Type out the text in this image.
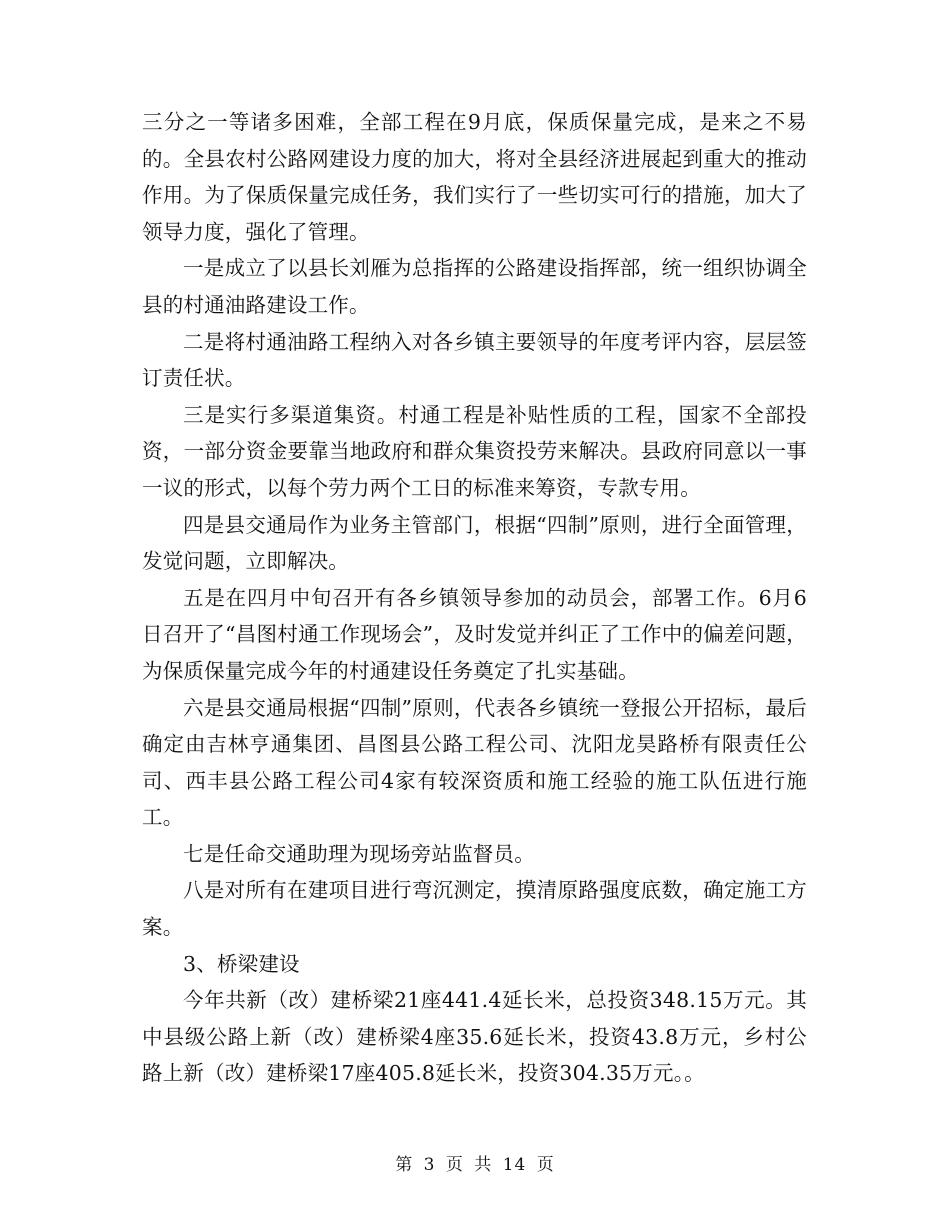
三分之一等诸多困难，全部工程在9月底，保质保量完成，是来之不易的。全县农村公路网建设力度的加大，将对全县经济进展起到重大的推动作用。为了保质保量完成任务，我们实行了一些切实可行的措施，加大了领导力度，强化了管理。

一是成立了以县长刘雁为总指挥的公路建设指挥部，统一组织协调全县的村通油路建设工作。

二是将村通油路工程纳入对各乡镇主要领导的年度考评内容，层层签订责任状。

三是实行多渠道集资。村通工程是补贴性质的工程，国家不全部投资，一部分资金要靠当地政府和群众集资投劳来解决。县政府同意以一事一议的形式，以每个劳力两个工日的标准来筹资，专款专用。

四是县交通局作为业务主管部门，根据“四制”原则，进行全面管理，发觉问题，立即解决。

五是在四月中旬召开有各乡镇领导参加的动员会，部署工作。6月6日召开了“昌图村通工作现场会”，及时发觉并纠正了工作中的偏差问题，为保质保量完成今年的村通建设任务奠定了扎实基础。

六是县交通局根据“四制”原则，代表各乡镇统一登报公开招标，最后确定由吉林亨通集团、昌图县公路工程公司、沈阳龙昊路桥有限责任公司、西丰县公路工程公司4家有较深资质和施工经验的施工队伍进行施工。

七是任命交通助理为现场旁站监督员。

八是对所有在建项目进行弯沉测定，摸清原路强度底数，确定施工方案。

3、桥梁建设

今年共新（改）建桥梁21座441.4延长米，总投资348.15万元。其中县级公路上新（改）建桥梁4座35.6延长米，投资43.8万元，乡村公路上新（改）建桥梁17座405.8延长米，投资304.35万元。。

第 3 页 共 14 页
